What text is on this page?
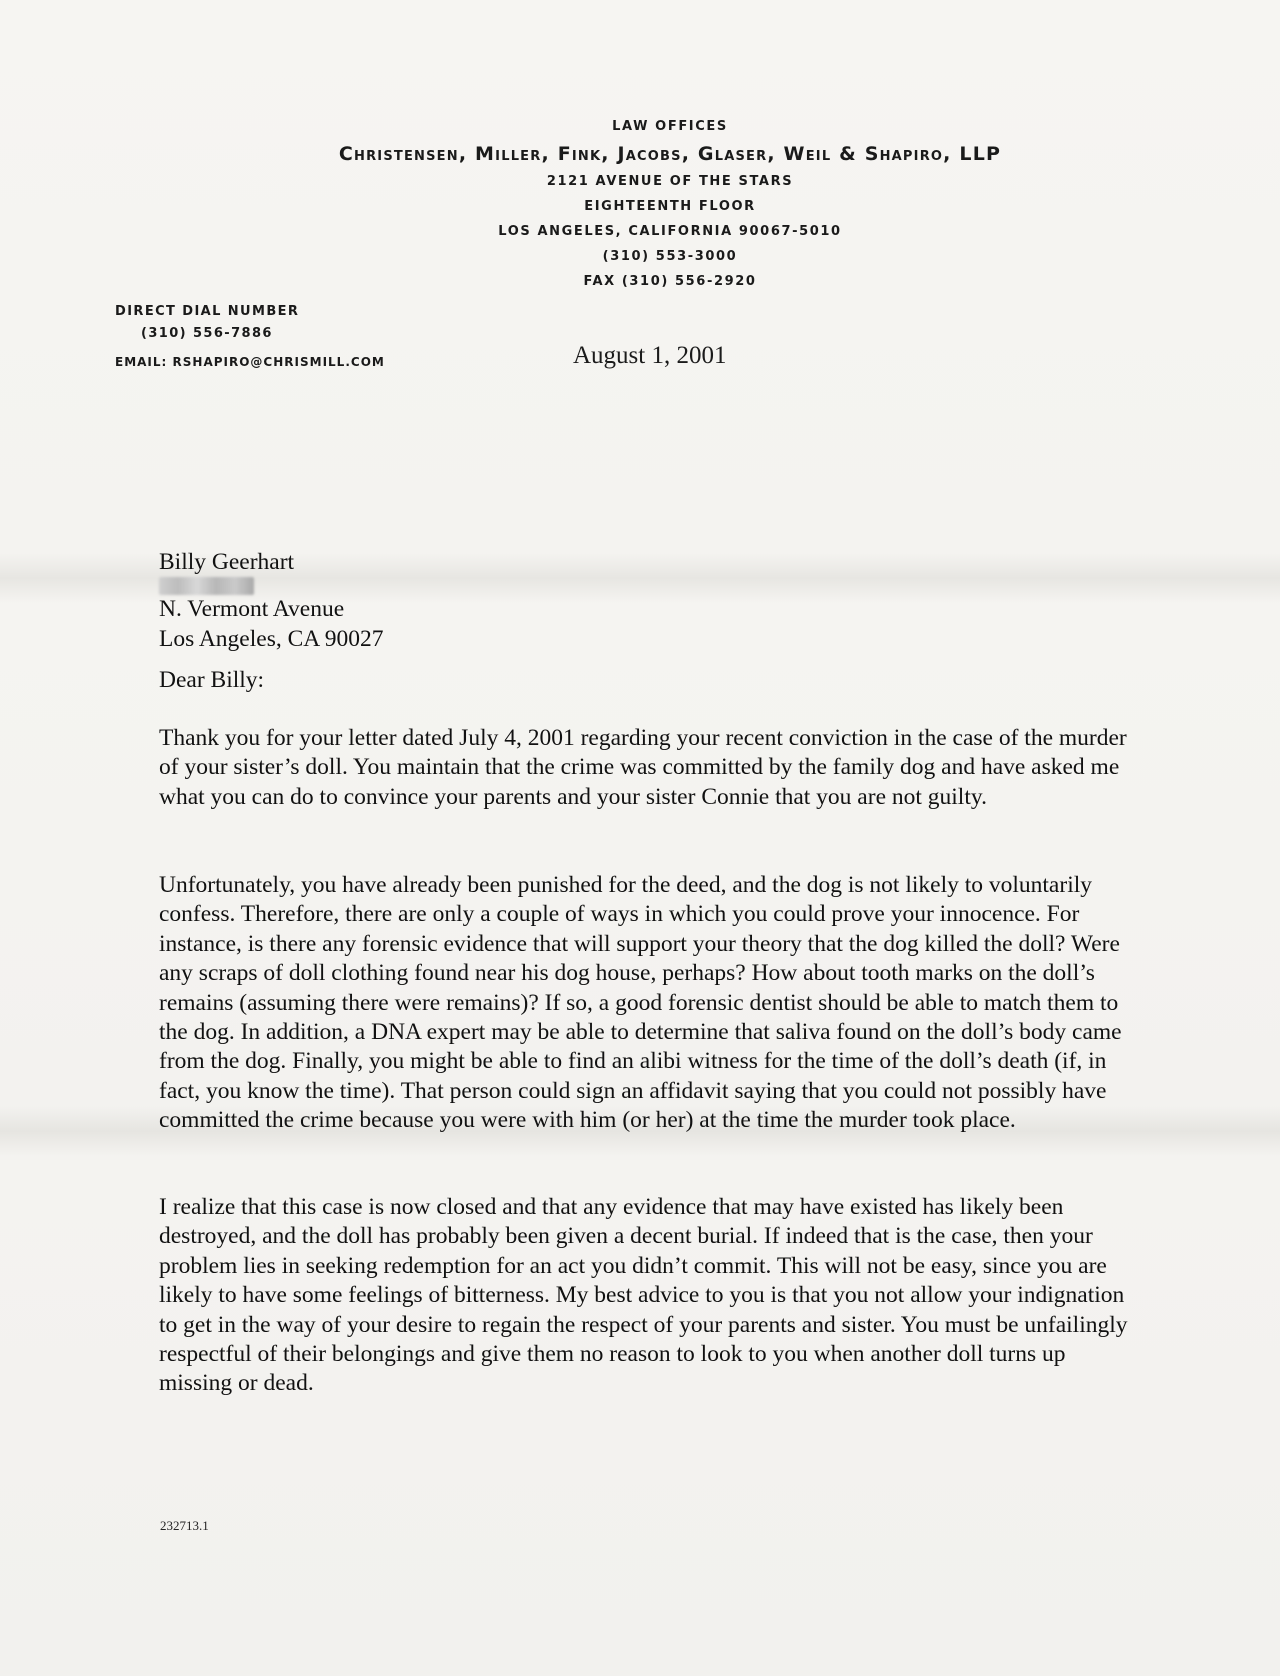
LAW OFFICES
Christensen, Miller, Fink, Jacobs, Glaser, Weil & Shapiro, LLP
2121 AVENUE OF THE STARS
EIGHTEENTH FLOOR
LOS ANGELES, CALIFORNIA 90067-5010
(310) 553-3000
FAX (310) 556-2920
DIRECT DIAL NUMBER
(310) 556-7886
EMAIL: RSHAPIRO@CHRISMILL.COM	August 1, 2001
Billy Geerhart
N. Vermont Avenue
Los Angeles, CA 90027
Dear Billy:

Thank you for your letter dated July 4, 2001 regarding your recent conviction in the case of the murder of your sister’s doll. You maintain that the crime was committed by the family dog and have asked me what you can do to convince your parents and your sister Connie that you are not guilty.

Unfortunately, you have already been punished for the deed, and the dog is not likely to voluntarily confess. Therefore, there are only a couple of ways in which you could prove your innocence. For instance, is there any forensic evidence that will support your theory that the dog killed the doll? Were any scraps of doll clothing found near his dog house, perhaps? How about tooth marks on the doll’s remains (assuming there were remains)? If so, a good forensic dentist should be able to match them to the dog. In addition, a DNA expert may be able to determine that saliva found on the doll’s body came from the dog. Finally, you might be able to find an alibi witness for the time of the doll’s death (if, in fact, you know the time). That person could sign an affidavit saying that you could not possibly have committed the crime because you were with him (or her) at the time the murder took place.

I realize that this case is now closed and that any evidence that may have existed has likely been destroyed, and the doll has probably been given a decent burial. If indeed that is the case, then your problem lies in seeking redemption for an act you didn’t commit. This will not be easy, since you are likely to have some feelings of bitterness. My best advice to you is that you not allow your indignation to get in the way of your desire to regain the respect of your parents and sister. You must be unfailingly respectful of their belongings and give them no reason to look to you when another doll turns up missing or dead.

232713.1
